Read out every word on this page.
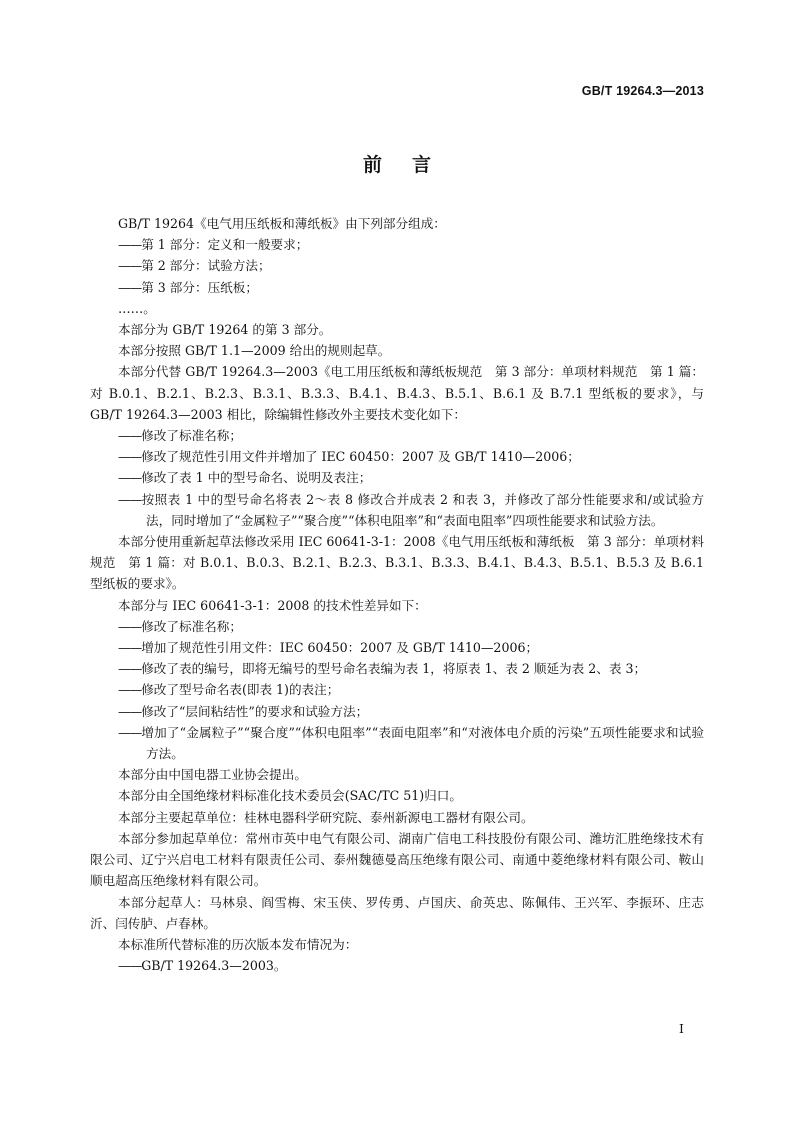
GB/T 19264.3—2013
前言

GB/T 19264《电气用压纸板和薄纸板》由下列部分组成：

——第 1 部分：定义和一般要求；

——第 2 部分：试验方法；

——第 3 部分：压纸板；

……。

本部分为 GB/T 19264 的第 3 部分。

本部分按照 GB/T 1.1—2009 给出的规则起草。

本部分代替 GB/T 19264.3—2003《电工用压纸板和薄纸板规范　第 3 部分：单项材料规范　第 1 篇：对 B.0.1、B.2.1、B.2.3、B.3.1、B.3.3、B.4.1、B.4.3、B.5.1、B.6.1 及 B.7.1 型纸板的要求》，与 GB/T 19264.3—2003 相比，除编辑性修改外主要技术变化如下：

——修改了标准名称；

——修改了规范性引用文件并增加了 IEC 60450：2007 及 GB/T 1410—2006；

——修改了表 1 中的型号命名、说明及表注；

——按照表 1 中的型号命名将表 2～表 8 修改合并成表 2 和表 3，并修改了部分性能要求和/或试验方法，同时增加了“金属粒子”“聚合度”“体积电阻率”和“表面电阻率”四项性能要求和试验方法。

本部分使用重新起草法修改采用 IEC 60641-3-1：2008《电气用压纸板和薄纸板　第 3 部分：单项材料规范　第 1 篇：对 B.0.1、B.0.3、B.2.1、B.2.3、B.3.1、B.3.3、B.4.1、B.4.3、B.5.1、B.5.3 及 B.6.1 型纸板的要求》。

本部分与 IEC 60641-3-1：2008 的技术性差异如下：

——修改了标准名称；

——增加了规范性引用文件：IEC 60450：2007 及 GB/T 1410—2006；

——修改了表的编号，即将无编号的型号命名表编为表 1，将原表 1、表 2 顺延为表 2、表 3；

——修改了型号命名表(即表 1)的表注；

——修改了“层间粘结性”的要求和试验方法；

——增加了“金属粒子”“聚合度”“体积电阻率”“表面电阻率”和“对液体电介质的污染”五项性能要求和试验方法。

本部分由中国电器工业协会提出。

本部分由全国绝缘材料标准化技术委员会(SAC/TC 51)归口。

本部分主要起草单位：桂林电器科学研究院、泰州新源电工器材有限公司。

本部分参加起草单位：常州市英中电气有限公司、湖南广信电工科技股份有限公司、潍坊汇胜绝缘技术有限公司、辽宁兴启电工材料有限责任公司、泰州魏德曼高压绝缘有限公司、南通中菱绝缘材料有限公司、鞍山顺电超高压绝缘材料有限公司。

本部分起草人：马林泉、阎雪梅、宋玉侠、罗传勇、卢国庆、俞英忠、陈佩伟、王兴军、李振环、庄志沂、闫传胪、卢春林。

本标准所代替标准的历次版本发布情况为：

——GB/T 19264.3—2003。

I
